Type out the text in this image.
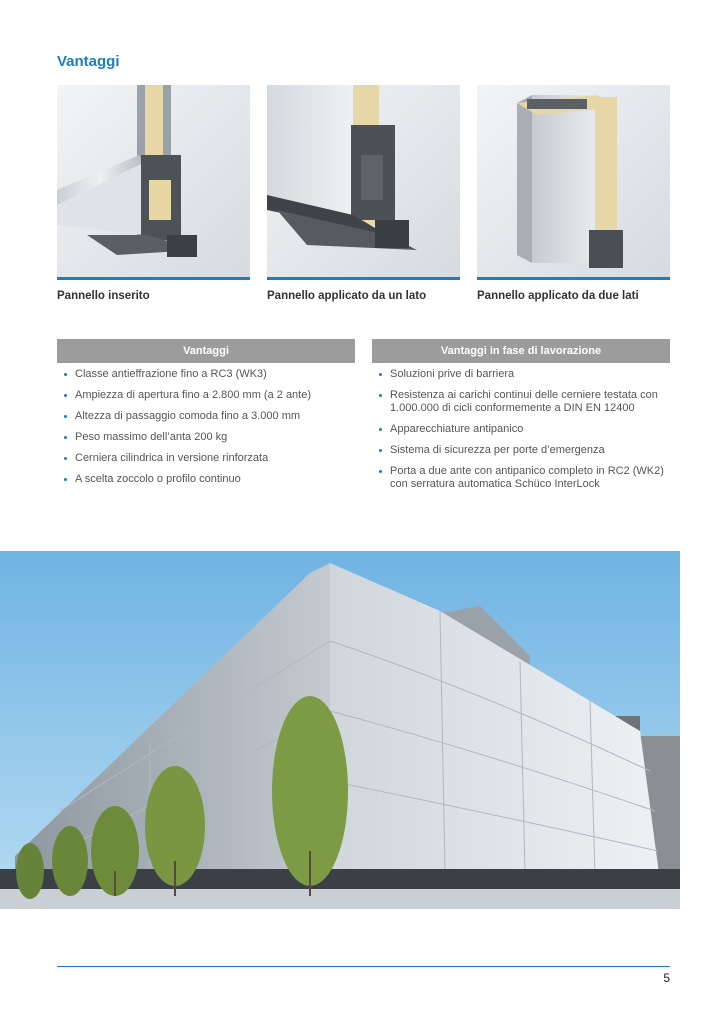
Vantaggi
Pannello inserito	Pannello applicato da un lato	Pannello applicato da due lati
Vantaggi
Classe antieffrazione fino a RC3 (WK3)
Ampiezza di apertura fino a 2.800 mm (a 2 ante)
Altezza di passaggio comoda fino a 3.000 mm
Peso massimo dell’anta 200 kg
Cerniera cilindrica in versione rinforzata
A scelta zoccolo o profilo continuo
Vantaggi in fase di lavorazione
Soluzioni prive di barriera
Resistenza ai carichi continui delle cerniere testata con 1.000.000 di cicli conformemente a DIN EN 12400
Apparecchiature antipanico
Sistema di sicurezza per porte d’emergenza
Porta a due ante con antipanico completo in RC2 (WK2) con serratura automatica Schüco InterLock
5
